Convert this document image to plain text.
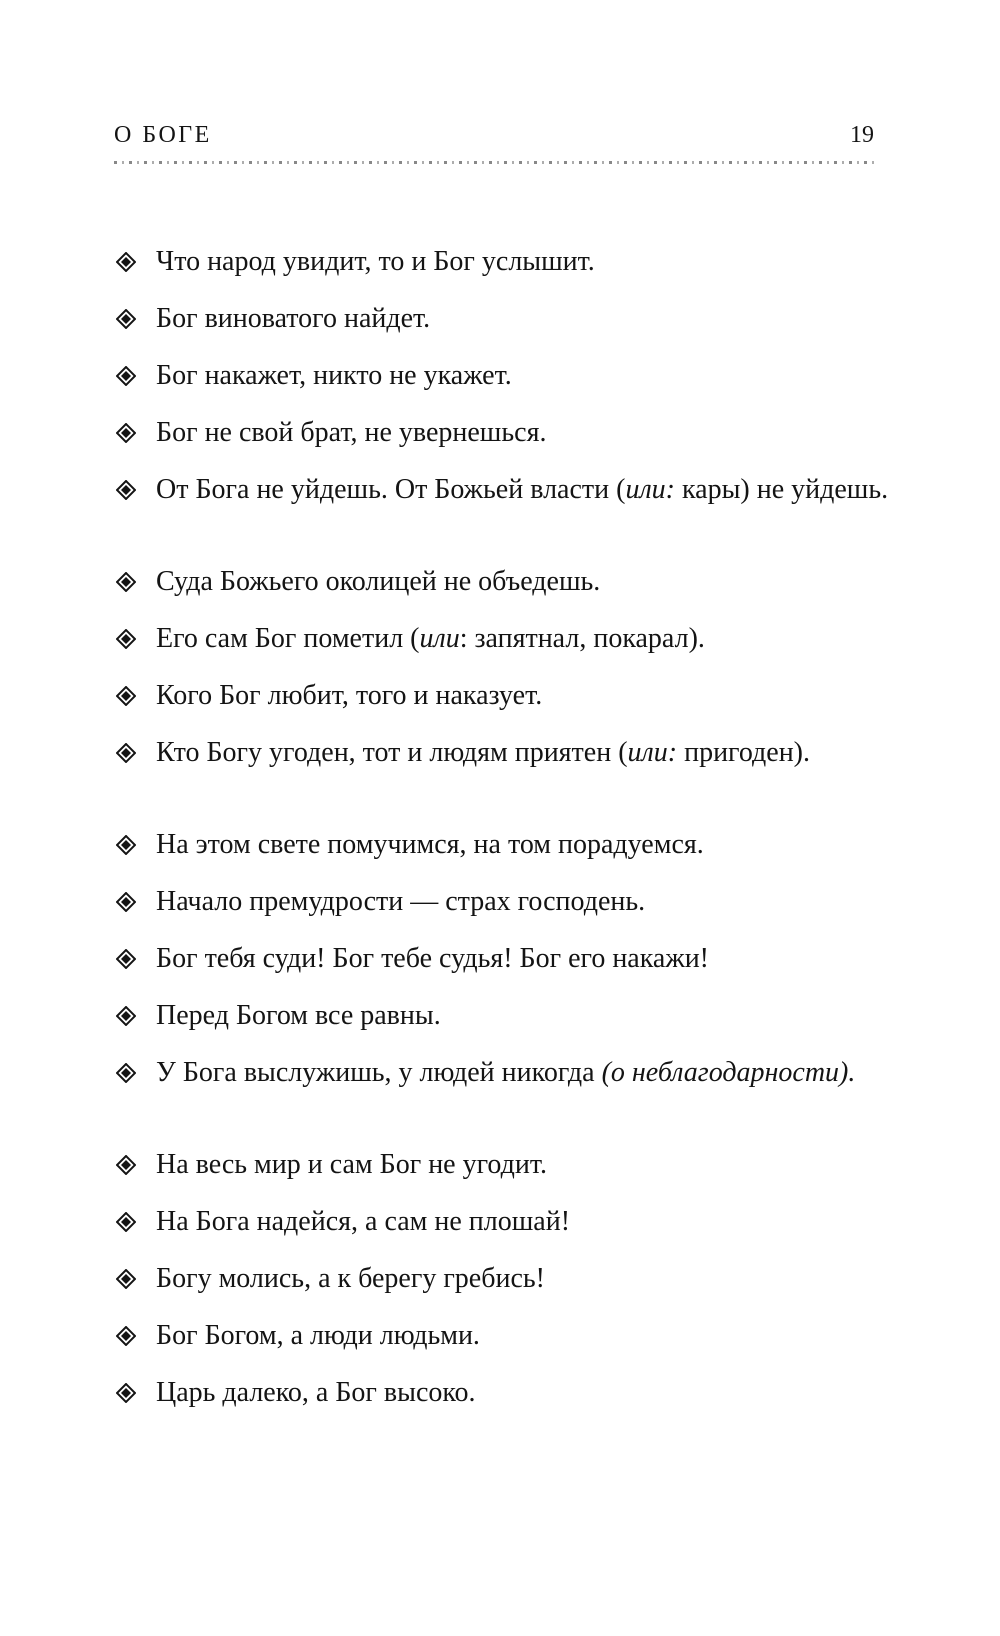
О БОГЕ	19
Что народ увидит, то и Бог услышит.
Бог виноватого найдет.
Бог накажет, никто не укажет.
Бог не свой брат, не увернешься.
От Бога не уйдешь. От Божьей власти (или: кары) не уйдешь.
Суда Божьего околицей не объедешь.
Его сам Бог пометил (или: запятнал, покарал).
Кого Бог любит, того и наказует.
Кто Богу угоден, тот и людям приятен (или: пригоден).
На этом свете помучимся, на том порадуемся.
Начало премудрости — страх господень.
Бог тебя суди! Бог тебе судья! Бог его накажи!
Перед Богом все равны.
У Бога выслужишь, у людей никогда (о неблагодарности).
На весь мир и сам Бог не угодит.
На Бога надейся, а сам не плошай!
Богу молись, а к берегу гребись!
Бог Богом, а люди людьми.
Царь далеко, а Бог высоко.
